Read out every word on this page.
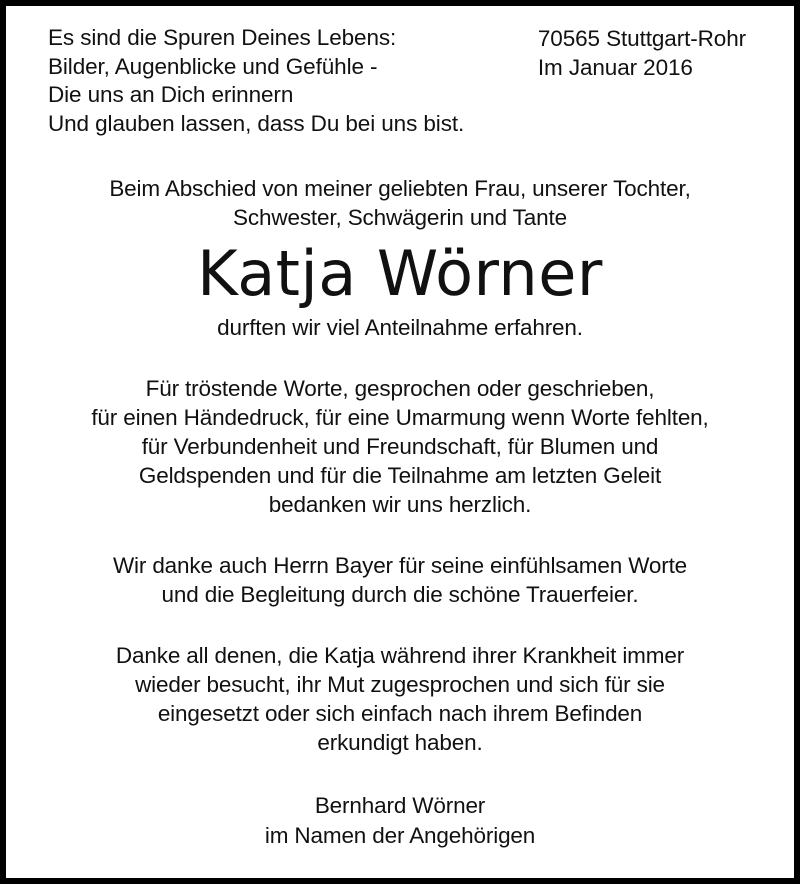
Es sind die Spuren Deines Lebens:
Bilder, Augenblicke und Gefühle -
Die uns an Dich erinnern
Und glauben lassen, dass Du bei uns bist.
70565 Stuttgart-Rohr
Im Januar 2016
Beim Abschied von meiner geliebten Frau, unserer Tochter,
Schwester, Schwägerin und Tante
Katja Wörner
durften wir viel Anteilnahme erfahren.
Für tröstende Worte, gesprochen oder geschrieben,
für einen Händedruck, für eine Umarmung wenn Worte fehlten,
für Verbundenheit und Freundschaft, für Blumen und
Geldspenden und für die Teilnahme am letzten Geleit
bedanken wir uns herzlich.
Wir danke auch Herrn Bayer für seine einfühlsamen Worte
und die Begleitung durch die schöne Trauerfeier.
Danke all denen, die Katja während ihrer Krankheit immer
wieder besucht, ihr Mut zugesprochen und sich für sie
eingesetzt oder sich einfach nach ihrem Befinden
erkundigt haben.
Bernhard Wörner
im Namen der Angehörigen
